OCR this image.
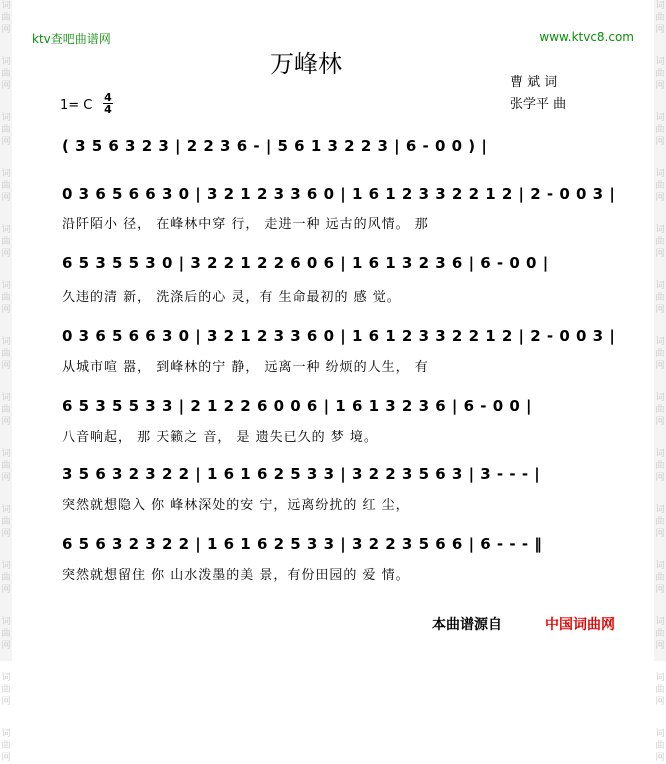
词
曲
网
词
曲
网
词
曲
网
词
曲
网
词
曲
网
词
曲
网
词
曲
网
词
曲
网
词
曲
网
词
曲
网
词
曲
网
词
曲
网
词
曲
网
词
曲
网
词
曲
网
词
曲
网
词
曲
网
词
曲
网
词
曲
网
词
曲
网
词
曲
网
词
曲
网
词
曲
网
词
曲
网
词
曲
网
词
曲
网
词
曲
网
词
曲
网
ktv查吧曲谱网	www.ktvc8.com
万峰林
曹 斌 词
张学平 曲
1= C
4
4
( 3 5 6 3 2 3 | 2 2 3 6 - | 5 6 1 3 2 2 3 | 6 - 0 0 ) |
0 3 6 5 6 6 3 0 | 3 2 1 2 3 3 6 0 | 1 6 1 2 3 3 2 2 1 2 | 2 - 0 0 3 |
沿阡陌小 径， 在峰林中穿 行， 走进一种 远古的风情。 那
6 5 3 5 5 3 0 | 3 2 2 1 2 2 6 0 6 | 1 6 1 3 2 3 6 | 6 - 0 0 |
久违的清 新， 洗涤后的心 灵，有 生命最初的 感 觉。
0 3 6 5 6 6 3 0 | 3 2 1 2 3 3 6 0 | 1 6 1 2 3 3 2 2 1 2 | 2 - 0 0 3 |
从城市喧 嚣， 到峰林的宁 静， 远离一种 纷烦的人生， 有
6 5 3 5 5 3 3 | 2 1 2 2 6 0 0 6 | 1 6 1 3 2 3 6 | 6 - 0 0 |
八音响起， 那 天籁之 音， 是 遗失已久的 梦 境。
3 5 6 3 2 3 2 2 | 1 6 1 6 2 5 3 3 | 3 2 2 3 5 6 3 | 3 - - - |
突然就想隐入 你 峰林深处的安 宁，远离纷扰的 红 尘，
6 5 6 3 2 3 2 2 | 1 6 1 6 2 5 3 3 | 3 2 2 3 5 6 6 | 6 - - - ‖
突然就想留住 你 山水泼墨的美 景，有份田园的 爱 情。
本曲谱源自	中国词曲网
